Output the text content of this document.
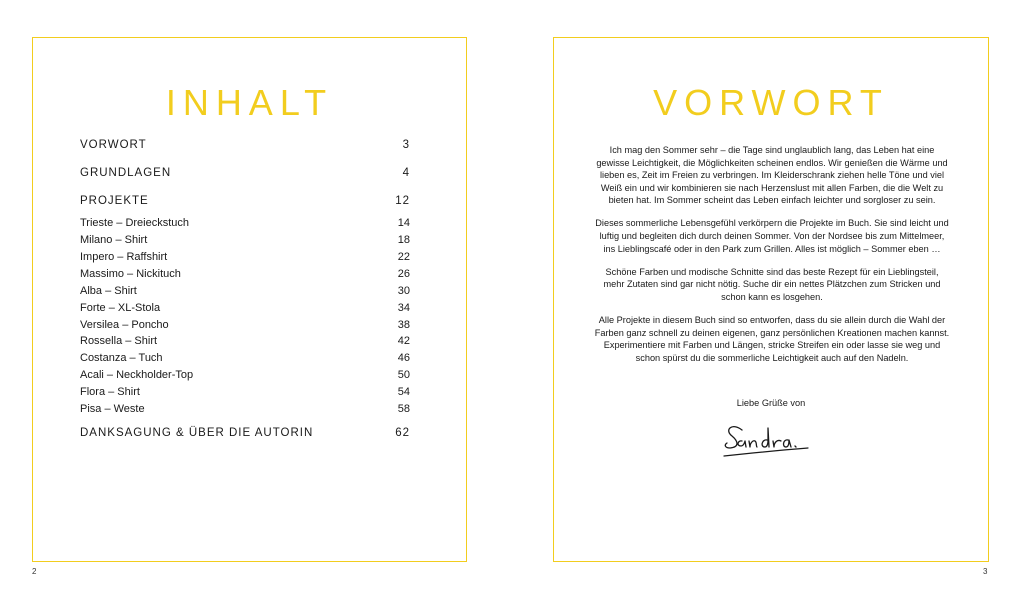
INHALT
VORWORT	3
GRUNDLAGEN	4
PROJEKTE	12
Trieste – Dreieckstuch	14
Milano – Shirt	18
Impero – Raffshirt	22
Massimo – Nickituch	26
Alba – Shirt	30
Forte – XL-Stola	34
Versilea – Poncho	38
Rossella – Shirt	42
Costanza – Tuch	46
Acali – Neckholder-Top	50
Flora – Shirt	54
Pisa – Weste	58
DANKSAGUNG & ÜBER DIE AUTORIN	62
VORWORT

Ich mag den Sommer sehr – die Tage sind unglaublich lang, das Leben hat eine gewisse Leichtigkeit, die Möglichkeiten scheinen endlos. Wir genießen die Wärme und lieben es, Zeit im Freien zu verbringen. Im Kleiderschrank ziehen helle Töne und viel Weiß ein und wir kombinieren sie nach Herzenslust mit allen Farben, die die Welt zu bieten hat. Im Sommer scheint das Leben einfach leichter und sorgloser zu sein.

Dieses sommerliche Lebensgefühl verkörpern die Projekte im Buch. Sie sind leicht und luftig und begleiten dich durch deinen Sommer. Von der Nordsee bis zum Mittelmeer, ins Lieblingscafé oder in den Park zum Grillen. Alles ist möglich – Sommer eben …

Schöne Farben und modische Schnitte sind das beste Rezept für ein Lieblingsteil, mehr Zutaten sind gar nicht nötig. Suche dir ein nettes Plätzchen zum Stricken und schon kann es losgehen.

Alle Projekte in diesem Buch sind so entworfen, dass du sie allein durch die Wahl der Farben ganz schnell zu deinen eigenen, ganz persönlichen Kreationen machen kannst. Experimentiere mit Farben und Längen, stricke Streifen ein oder lasse sie weg und schon spürst du die sommerliche Leichtigkeit auch auf den Nadeln.

Liebe Grüße von
2	3
